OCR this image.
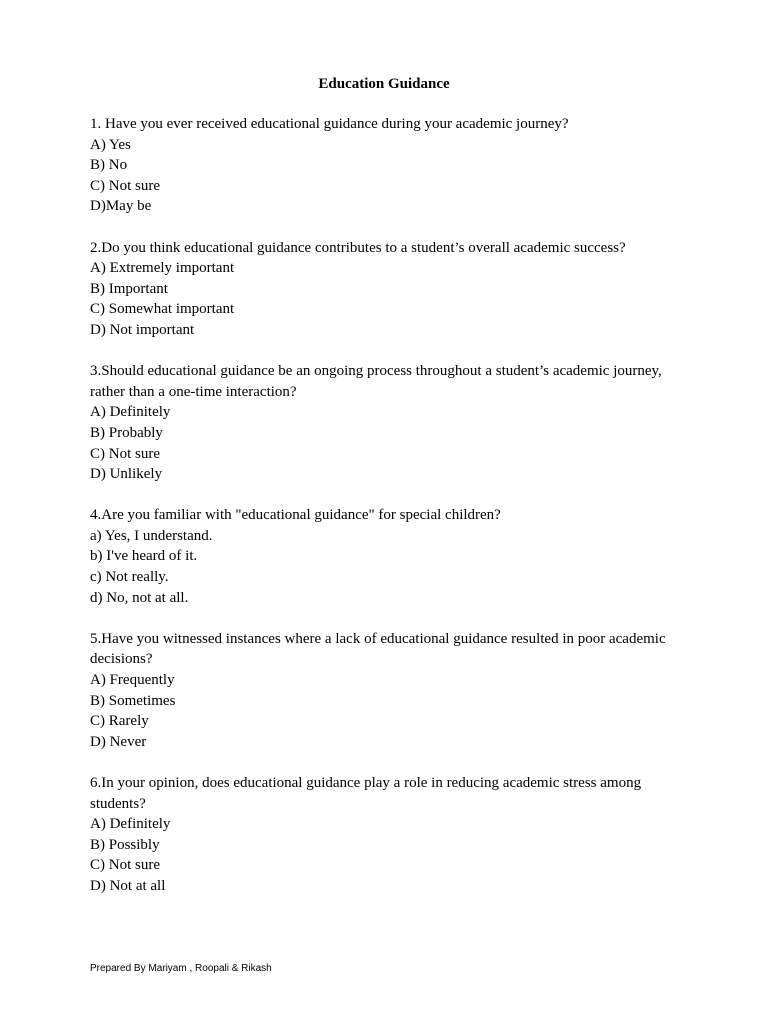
Education Guidance
1. Have you ever received educational guidance during your academic journey?
A) Yes
B) No
C) Not sure
D)May be
2.Do you think educational guidance contributes to a student’s overall academic success?
A) Extremely important
B) Important
C) Somewhat important
D) Not important
3.Should educational guidance be an ongoing process throughout a student’s academic journey, rather than a one-time interaction?
A) Definitely
B) Probably
C) Not sure
D) Unlikely
4.Are you familiar with "educational guidance" for special children?
a) Yes, I understand.
b) I've heard of it.
c) Not really.
d) No, not at all.
5.Have you witnessed instances where a lack of educational guidance resulted in poor academic decisions?
A) Frequently
B) Sometimes
C) Rarely
D) Never
6.In your opinion, does educational guidance play a role in reducing academic stress among students?
A) Definitely
B) Possibly
C) Not sure
D) Not at all
Prepared By Mariyam , Roopali & Rikash
